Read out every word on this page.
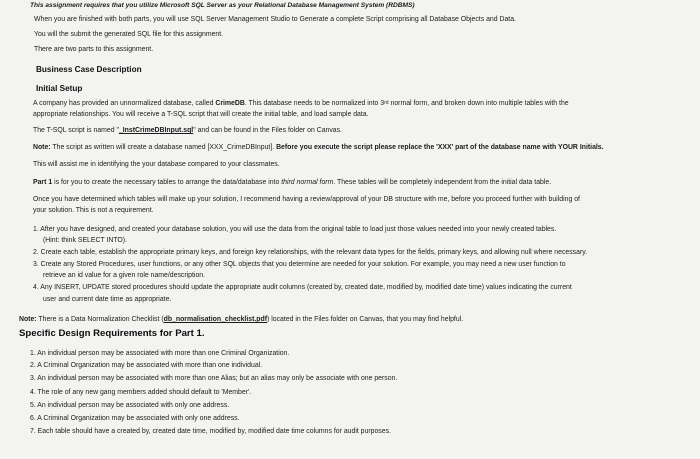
This assignment requires that you utilize Microsoft SQL Server as your Relational Database Management System (RDBMS)
When you are finished with both parts, you will use SQL Server Management Studio to Generate a complete Script comprising all Database Objects and Data.
You will the submit the generated SQL file for this assignment.
There are two parts to this assignment.
Business Case Description
Initial Setup
A company has provided an unnormalized database, called CrimeDB. This database needs to be normalized into 3rd normal form, and broken down into multiple tables with the
appropriate relationships. You will receive a T-SQL script that will create the initial table, and load sample data.
The T-SQL script is named "_InstCrimeDBInput.sql" and can be found in the Files folder on Canvas.
Note: The script as written will create a database named [XXX_CrimeDBInput]. Before you execute the script please replace the 'XXX' part of the database name with YOUR Initials.
This will assist me in identifying the your database compared to your classmates.
Part 1 is for you to create the necessary tables to arrange the data/database into third normal form. These tables will be completely independent from the initial data table.
Once you have determined which tables will make up your solution, I recommend having a review/approval of your DB structure with me, before you proceed further with building of
your solution. This is not a requirement.
1. After you have designed, and created your database solution, you will use the data from the original table to load just those values needed into your newly created tables.
(Hint: think SELECT INTO).
2. Create each table, establish the appropriate primary keys, and foreign key relationships, with the relevant data types for the fields, primary keys, and allowing null where necessary.
3. Create any Stored Procedures, user functions, or any other SQL objects that you determine are needed for your solution. For example, you may need a new user function to
retrieve an id value for a given role name/description.
4. Any INSERT, UPDATE stored procedures should update the appropriate audit columns (created by, created date, modified by, modified date time) values indicating the current
user and current date time as appropriate.
Note: There is a Data Normalization Checklist (db_normalisation_checklist.pdf) located in the Files folder on Canvas, that you may find helpful.
Specific Design Requirements for Part 1.
1. An individual person may be associated with more than one Criminal Organization.
2. A Criminal Organization may be associated with more than one individual.
3. An individual person may be associated with more than one Alias; but an alias may only be associate with one person.
4. The role of any new gang members added should default to 'Member'.
5. An individual person may be associated with only one address.
6. A Criminal Organization may be associated with only one address.
7. Each table should have a created by, created date time, modified by, modified date time columns for audit purposes.
